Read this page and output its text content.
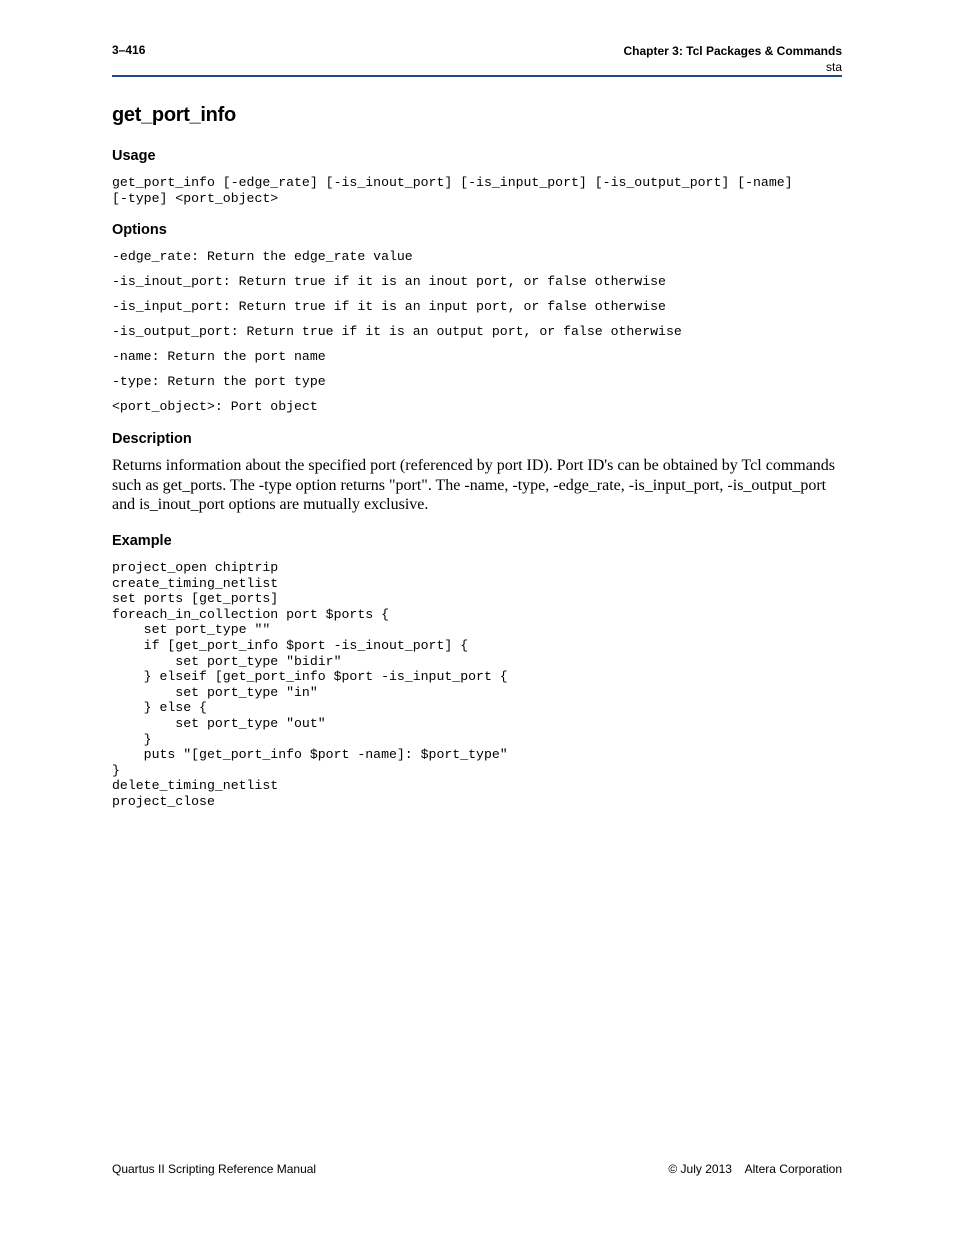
3–416	Chapter 3: Tcl Packages & Commands
sta
get_port_info
Usage
get_port_info [-edge_rate] [-is_inout_port] [-is_input_port] [-is_output_port] [-name]
[-type] <port_object>
Options
-edge_rate: Return the edge_rate value
-is_inout_port: Return true if it is an inout port, or false otherwise
-is_input_port: Return true if it is an input port, or false otherwise
-is_output_port: Return true if it is an output port, or false otherwise
-name: Return the port name
-type: Return the port type
<port_object>: Port object
Description

Returns information about the specified port (referenced by port ID). Port ID's can be obtained by Tcl commands such as get_ports. The -type option returns "port". The -name, -type, -edge_rate, -is_input_port, -is_output_port and is_inout_port options are mutually exclusive.

Example
project_open chiptrip
create_timing_netlist
set ports [get_ports]
foreach_in_collection port $ports {
set port_type ""
if [get_port_info $port -is_inout_port] {
set port_type "bidir"
} elseif [get_port_info $port -is_input_port {
set port_type "in"
} else {
set port_type "out"
}
puts "[get_port_info $port -name]: $port_type"
}
delete_timing_netlist
project_close
Quartus II Scripting Reference Manual	© July 2013 Altera Corporation
